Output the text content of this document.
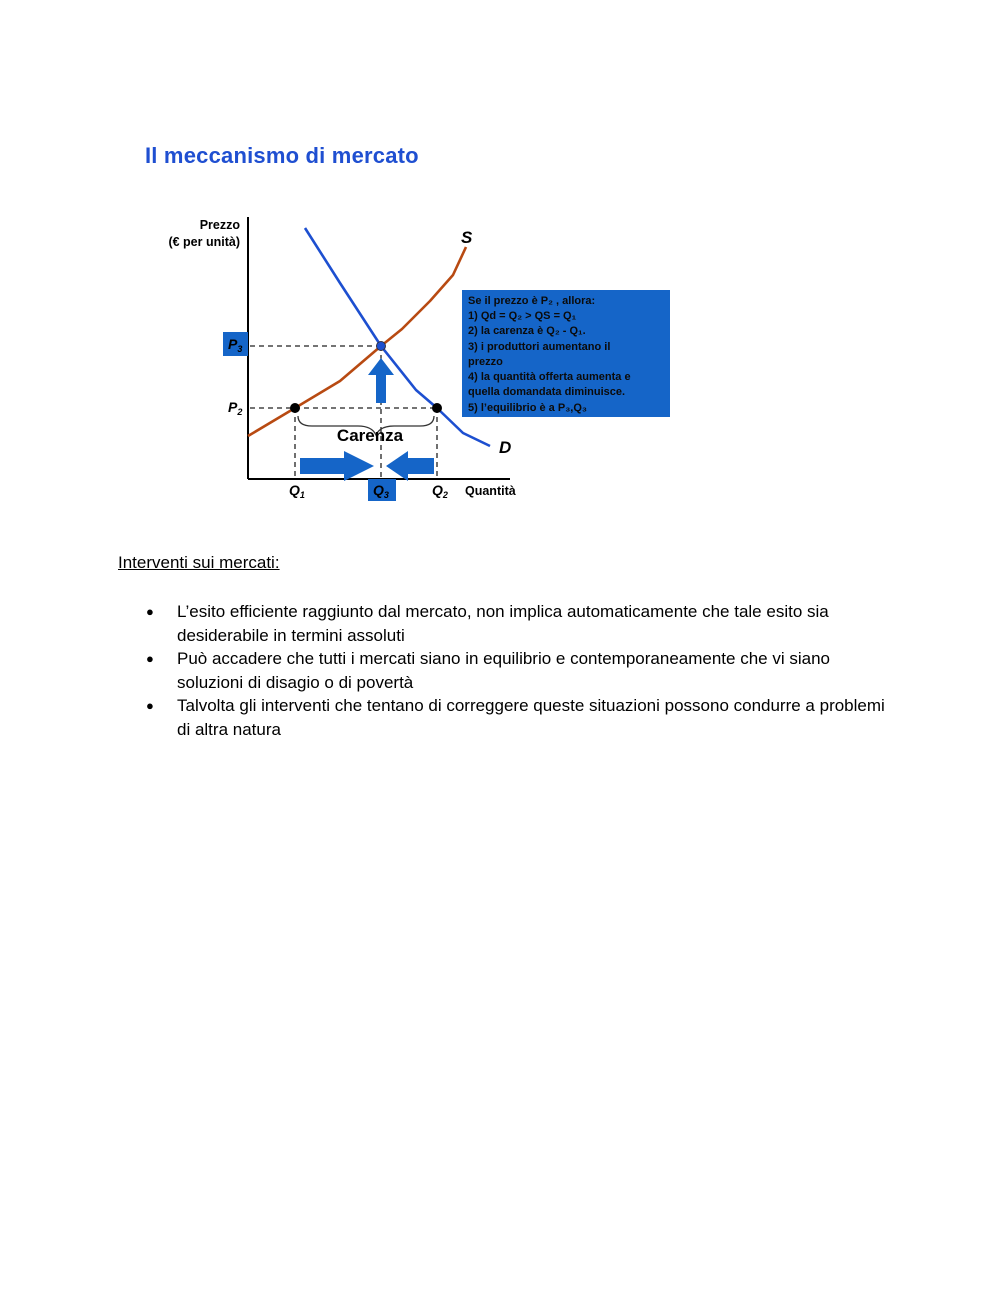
Il meccanismo di mercato
Prezzo
(€ per unità)	S
D
$P_3$
$P_2$
Carenza
$Q_1$	$Q_3$	$Q_2$ Quantità
Se il prezzo è P₂ , allora:
1) Qd = Q₂ > QS = Q₁
2) la carenza è Q₂ - Q₁.
3) i produttori aumentano il
prezzo
4) la quantità offerta aumenta e
quella domandata diminuisce.
5) l’equilibrio è a P₃,Q₃
Interventi sui mercati:
● L’esito efficiente raggiunto dal mercato, non implica automaticamente che tale esito sia desiderabile in termini assoluti
● Può accadere che tutti i mercati siano in equilibrio e contemporaneamente che vi siano soluzioni di disagio o di povertà
● Talvolta gli interventi che tentano di correggere queste situazioni possono condurre a problemi di altra natura
